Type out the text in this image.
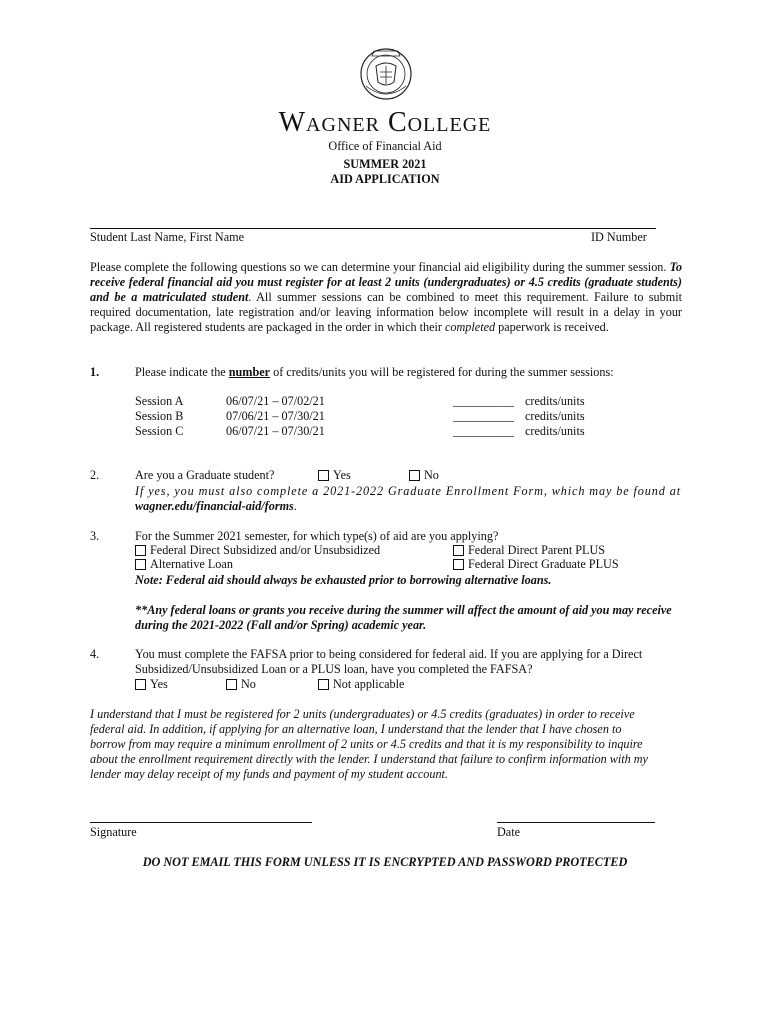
Wagner College
Office of Financial Aid
SUMMER 2021
AID APPLICATION
Student Last Name, First Name	ID Number
Please complete the following questions so we can determine your financial aid eligibility during the summer session. To receive federal financial aid you must register for at least 2 units (undergraduates) or 4.5 credits (graduate students) and be a matriculated student. All summer sessions can be combined to meet this requirement. Failure to submit required documentation, late registration and/or leaving information below incomplete will result in a delay in your package. All registered students are packaged in the order in which their completed paperwork is received.
1.	Please indicate the number of credits/units you will be registered for during the summer sessions:
Session A	06/07/21 – 07/02/21	__________ credits/units
Session B	07/06/21 – 07/30/21	__________ credits/units
Session C	06/07/21 – 07/30/21	__________ credits/units
2.	Are you a Graduate student?	Yes	No
If yes, you must also complete a 2021-2022 Graduate Enrollment Form, which may be found at
wagner.edu/financial-aid/forms.
3.	For the Summer 2021 semester, for which type(s) of aid are you applying?
Federal Direct Subsidized and/or Unsubsidized	Federal Direct Parent PLUS
Alternative Loan	Federal Direct Graduate PLUS
Note: Federal aid should always be exhausted prior to borrowing alternative loans.
**Any federal loans or grants you receive during the summer will affect the amount of aid you may receive
during the 2021-2022 (Fall and/or Spring) academic year.
4.	You must complete the FAFSA prior to being considered for federal aid. If you are applying for a Direct
Subsidized/Unsubsidized Loan or a PLUS loan, have you completed the FAFSA?
Yes	No	Not applicable
I understand that I must be registered for 2 units (undergraduates) or 4.5 credits (graduates) in order to receive
federal aid. In addition, if applying for an alternative loan, I understand that the lender that I have chosen to
borrow from may require a minimum enrollment of 2 units or 4.5 credits and that it is my responsibility to inquire
about the enrollment requirement directly with the lender. I understand that failure to confirm information with my
lender may delay receipt of my funds and payment of my student account.
Signature	Date
DO NOT EMAIL THIS FORM UNLESS IT IS ENCRYPTED AND PASSWORD PROTECTED
